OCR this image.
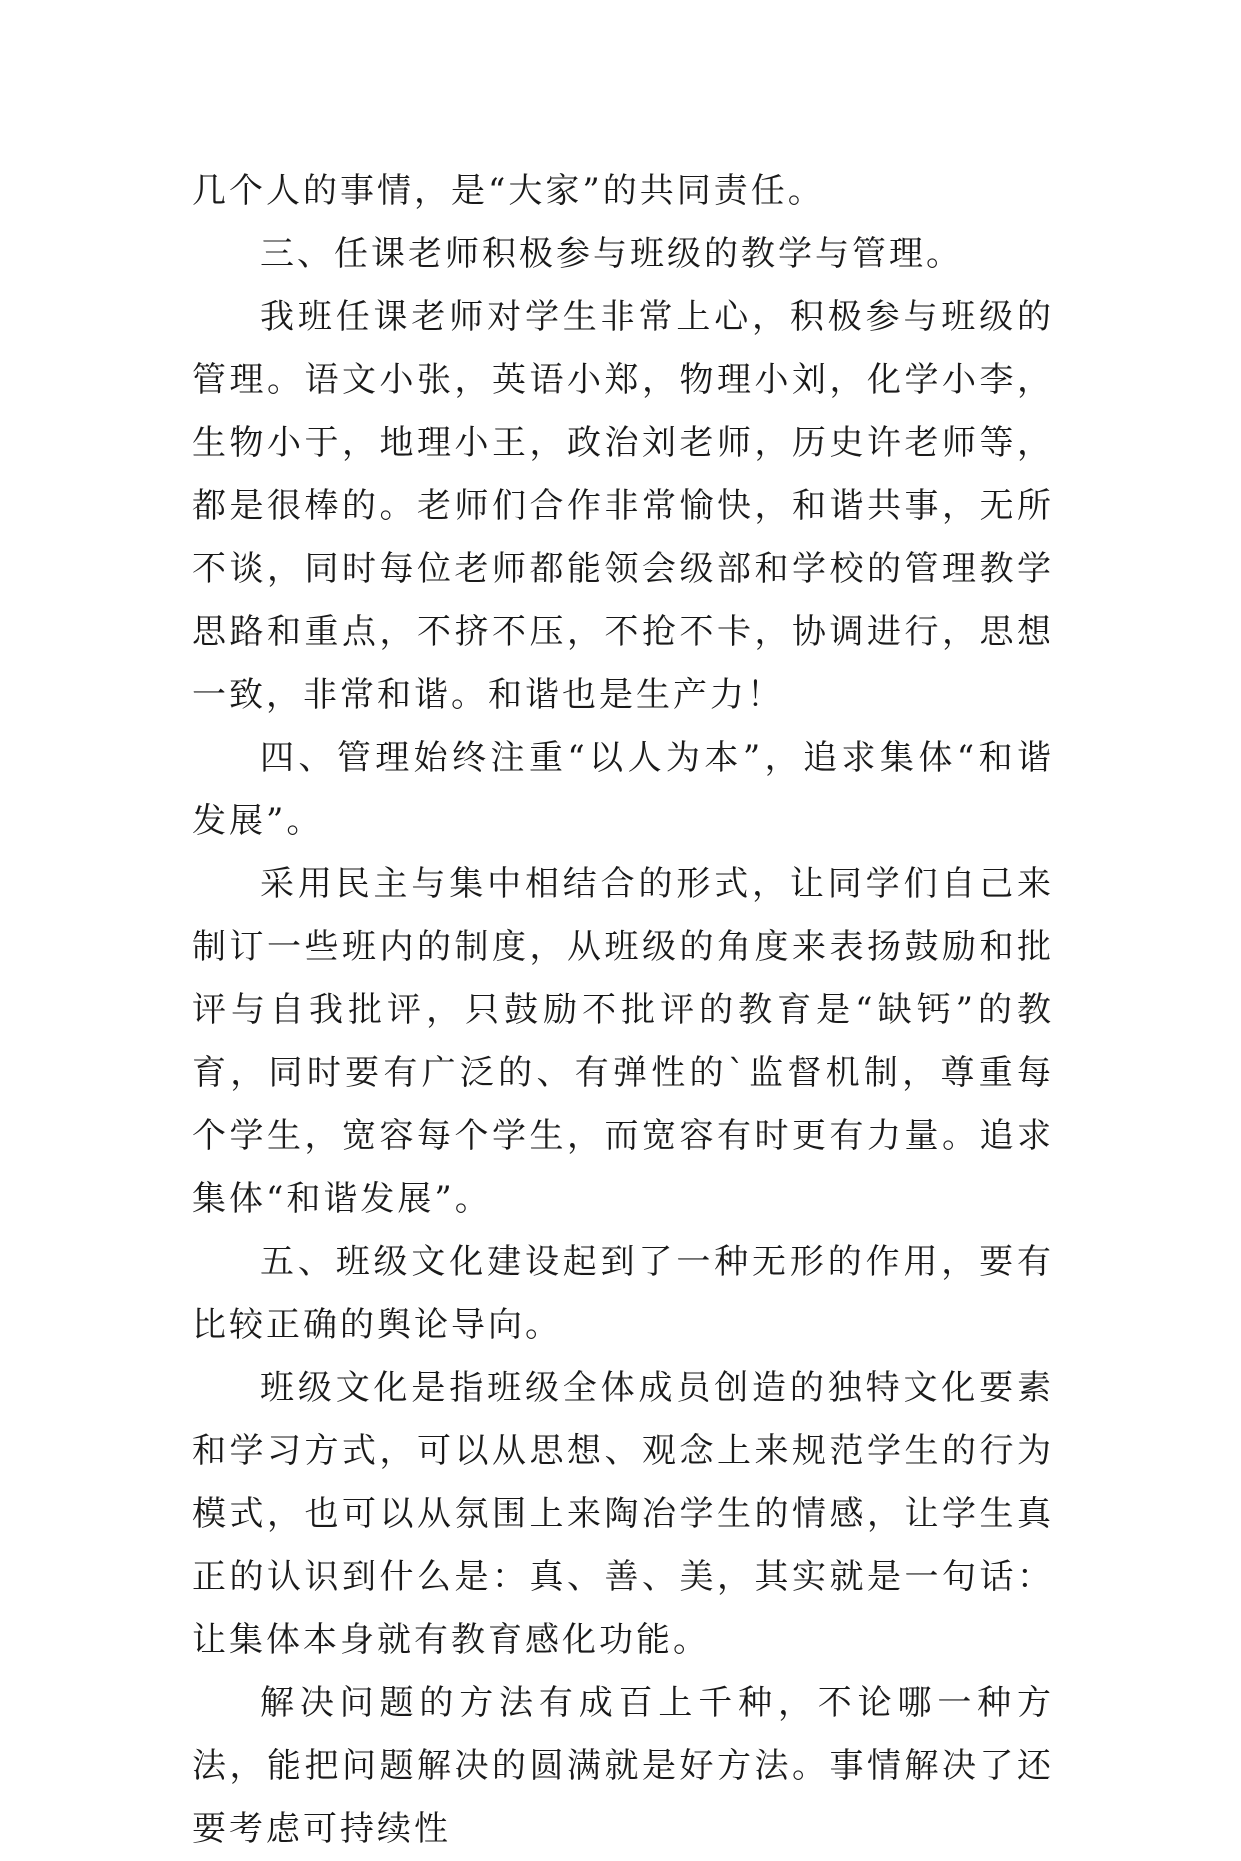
几个人的事情，是“大家”的共同责任。

三、任课老师积极参与班级的教学与管理。

我班任课老师对学生非常上心，积极参与班级的管理。语文小张，英语小郑，物理小刘，化学小李，生物小于，地理小王，政治刘老师，历史许老师等，都是很棒的。老师们合作非常愉快，和谐共事，无所不谈，同时每位老师都能领会级部和学校的管理教学思路和重点，不挤不压，不抢不卡，协调进行，思想一致，非常和谐。和谐也是生产力！

四、管理始终注重“以人为本”，追求集体“和谐发展”。

采用民主与集中相结合的形式，让同学们自己来制订一些班内的制度，从班级的角度来表扬鼓励和批评与自我批评，只鼓励不批评的教育是“缺钙”的教育，同时要有广泛的、有弹性的`监督机制，尊重每个学生，宽容每个学生，而宽容有时更有力量。追求集体“和谐发展”。

五、班级文化建设起到了一种无形的作用，要有比较正确的舆论导向。

班级文化是指班级全体成员创造的独特文化要素和学习方式，可以从思想、观念上来规范学生的行为模式，也可以从氛围上来陶冶学生的情感，让学生真正的认识到什么是：真、善、美，其实就是一句话：让集体本身就有教育感化功能。

解决问题的方法有成百上千种，不论哪一种方法，能把问题解决的圆满就是好方法。事情解决了还要考虑可持续性
